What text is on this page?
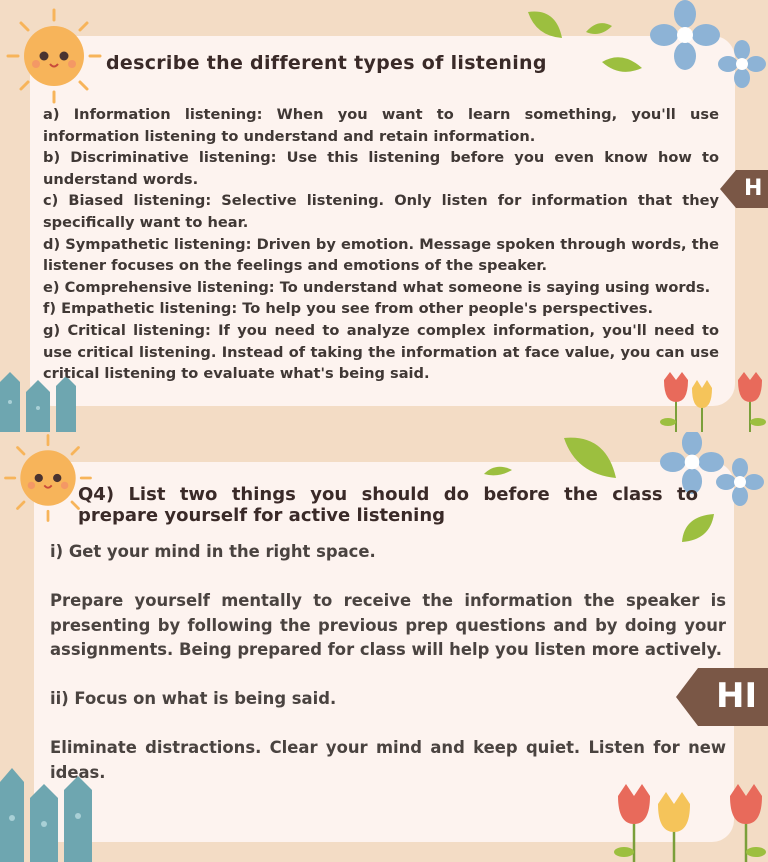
H
describe the different types of listening

a) Information listening: When you want to learn something, you'll use information listening to understand and retain information.

b) Discriminative listening: Use this listening before you even know how to understand words.

c) Biased listening: Selective listening. Only listen for information that they specifically want to hear.

d) Sympathetic listening: Driven by emotion. Message spoken through words, the listener focuses on the feelings and emotions of the speaker.

e) Comprehensive listening: To understand what someone is saying using words.

f) Empathetic listening: To help you see from other people's perspectives.

g) Critical listening: If you need to analyze complex information, you'll need to use critical listening. Instead of taking the information at face value, you can use critical listening to evaluate what's being said.

HI
Q4) List two things you should do before the class to prepare yourself for active listening

i) Get your mind in the right space.

Prepare yourself mentally to receive the information the speaker is presenting by following the previous prep questions and by doing your assignments. Being prepared for class will help you listen more actively.

ii) Focus on what is being said.

Eliminate distractions. Clear your mind and keep quiet. Listen for new ideas.
